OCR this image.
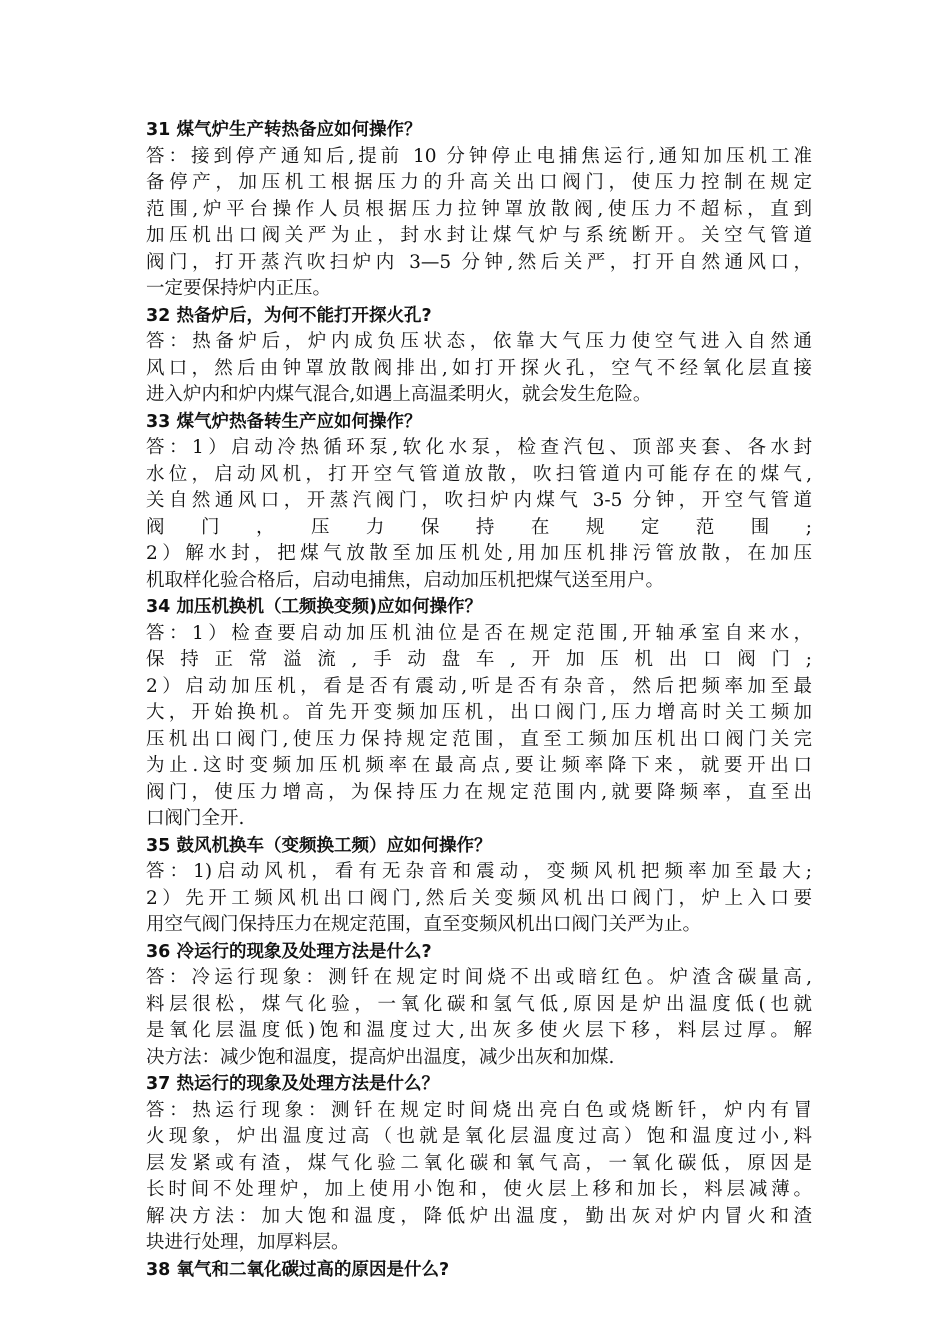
31 煤气炉生产转热备应如何操作？
答：接到停产通知后,提前 10 分钟停止电捕焦运行,通知加压机工准
备停产，加压机工根据压力的升高关出口阀门，使压力控制在规定
范围,炉平台操作人员根据压力拉钟罩放散阀,使压力不超标，直到
加压机出口阀关严为止，封水封让煤气炉与系统断开。关空气管道
阀门，打开蒸汽吹扫炉内 3—5 分钟,然后关严，打开自然通风口，
一定要保持炉内正压。
32 热备炉后，为何不能打开探火孔?
答：热备炉后，炉内成负压状态，依靠大气压力使空气进入自然通
风口，然后由钟罩放散阀排出,如打开探火孔，空气不经氧化层直接
进入炉内和炉内煤气混合,如遇上高温柔明火，就会发生危险。
33 煤气炉热备转生产应如何操作？
答：1）启动冷热循环泵,软化水泵，检查汽包、顶部夹套、各水封
水位，启动风机，打开空气管道放散，吹扫管道内可能存在的煤气,
关自然通风口，开蒸汽阀门，吹扫炉内煤气 3-5 分钟，开空气管道
阀门，压力保持在规定范围;
2）解水封，把煤气放散至加压机处,用加压机排污管放散，在加压
机取样化验合格后，启动电捕焦，启动加压机把煤气送至用户。
34 加压机换机（工频换变频)应如何操作？
答：1）检查要启动加压机油位是否在规定范围,开轴承室自来水，
保持正常溢流,手动盘车,开加压机出口阀门;
2）启动加压机，看是否有震动,听是否有杂音，然后把频率加至最
大，开始换机。首先开变频加压机，出口阀门,压力增高时关工频加
压机出口阀门,使压力保持规定范围，直至工频加压机出口阀门关完
为止.这时变频加压机频率在最高点,要让频率降下来，就要开出口
阀门，使压力增高，为保持压力在规定范围内,就要降频率，直至出
口阀门全开.
35 鼓风机换车（变频换工频）应如何操作？
答：1)启动风机，看有无杂音和震动，变频风机把频率加至最大;
2）先开工频风机出口阀门,然后关变频风机出口阀门，炉上入口要
用空气阀门保持压力在规定范围，直至变频风机出口阀门关严为止。
36 冷运行的现象及处理方法是什么?
答：冷运行现象：测钎在规定时间烧不出或暗红色。炉渣含碳量高,
料层很松，煤气化验，一氧化碳和氢气低,原因是炉出温度低(也就
是氧化层温度低)饱和温度过大,出灰多使火层下移，料层过厚。解
决方法：减少饱和温度，提高炉出温度，减少出灰和加煤.
37 热运行的现象及处理方法是什么？
答：热运行现象：测钎在规定时间烧出亮白色或烧断钎，炉内有冒
火现象，炉出温度过高（也就是氧化层温度过高）饱和温度过小,料
层发紧或有渣，煤气化验二氧化碳和氧气高，一氧化碳低，原因是
长时间不处理炉，加上使用小饱和，使火层上移和加长，料层减薄。
解决方法：加大饱和温度，降低炉出温度，勤出灰对炉内冒火和渣
块进行处理，加厚料层。
38 氧气和二氧化碳过高的原因是什么?
